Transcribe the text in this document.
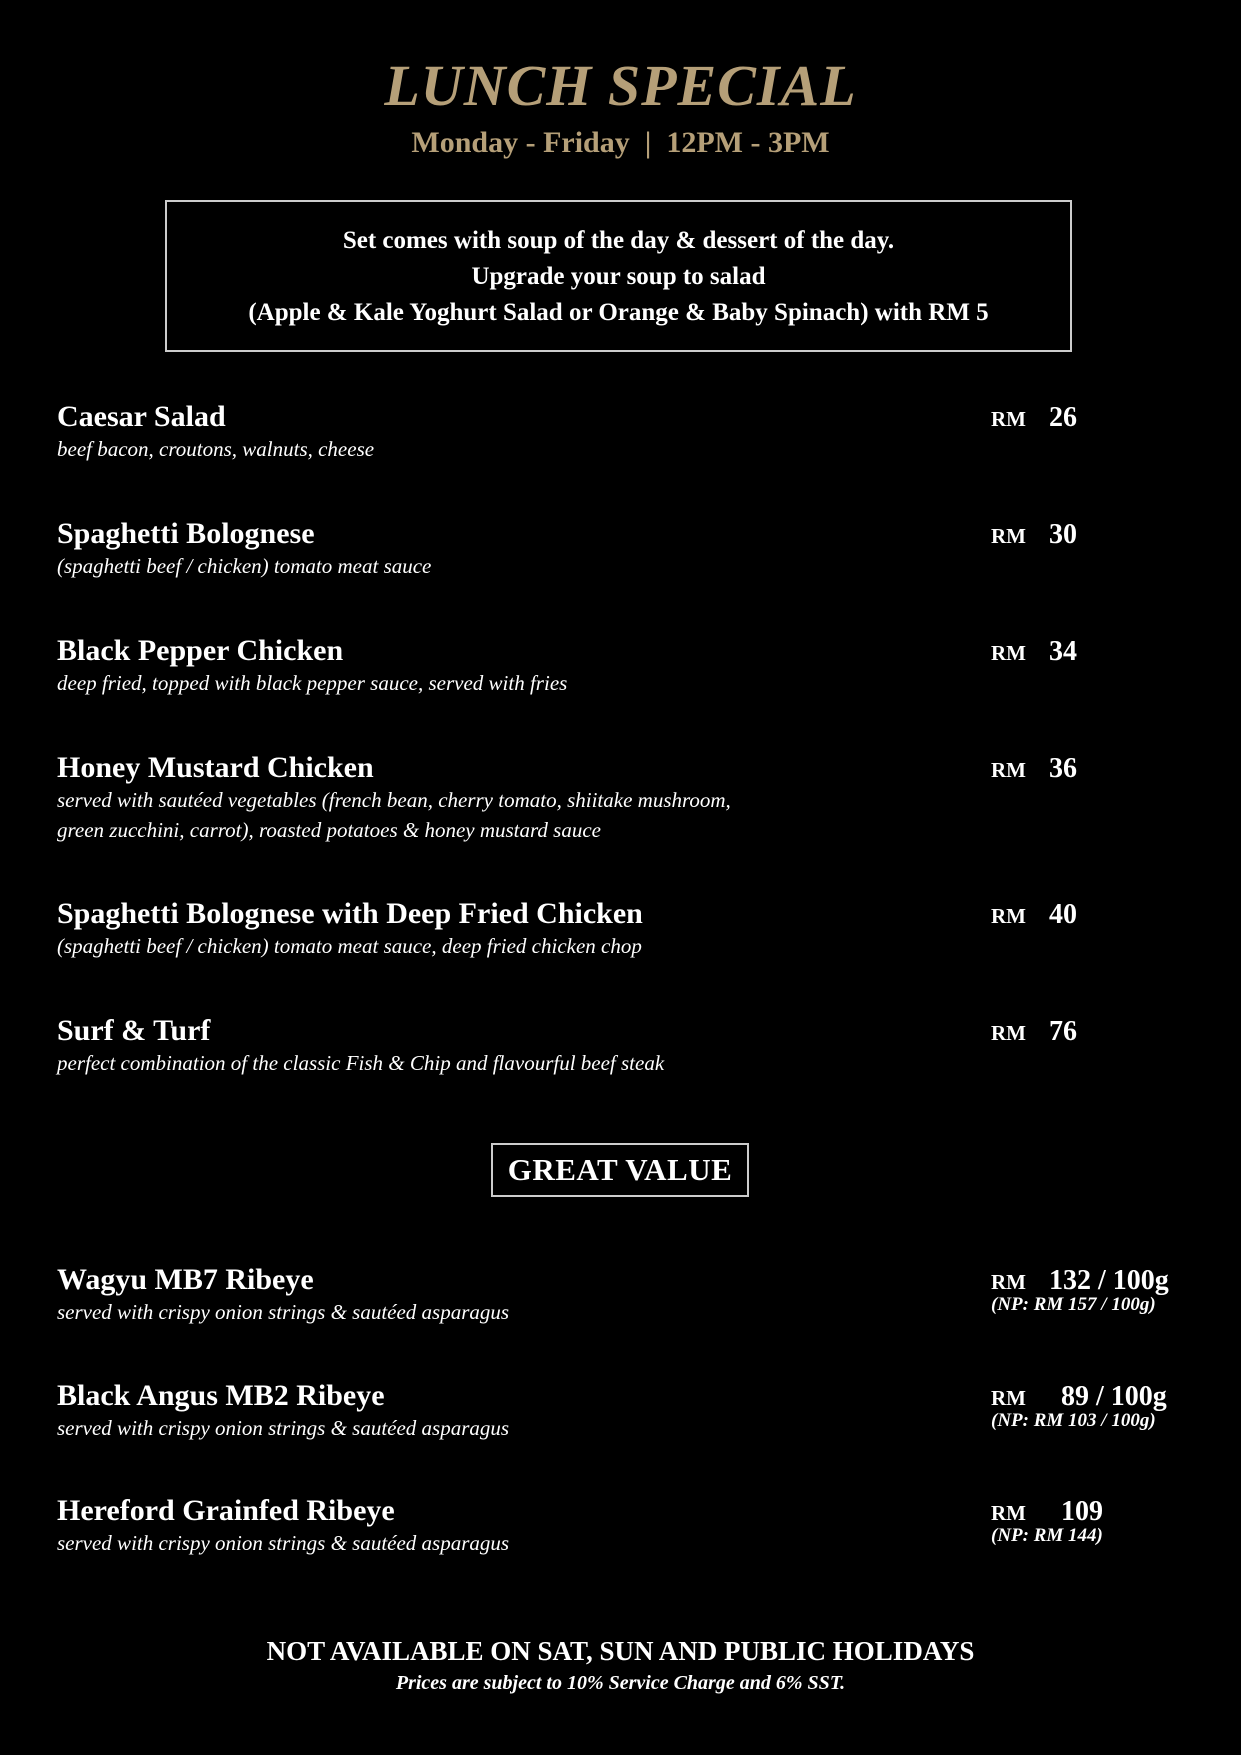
LUNCH SPECIAL
Monday - Friday  |  12PM - 3PM
Set comes with soup of the day & dessert of the day.
Upgrade your soup to salad
(Apple & Kale Yoghurt Salad or Orange & Baby Spinach) with RM 5
Caesar Salad
beef bacon, croutons, walnuts, cheese
RM 26
Spaghetti Bolognese
(spaghetti beef / chicken) tomato meat sauce
RM 30
Black Pepper Chicken
deep fried, topped with black pepper sauce, served with fries
RM 34
Honey Mustard Chicken
served with sautéed vegetables (french bean, cherry tomato, shiitake mushroom,
green zucchini, carrot), roasted potatoes & honey mustard sauce
RM 36
Spaghetti Bolognese with Deep Fried Chicken
(spaghetti beef / chicken) tomato meat sauce, deep fried chicken chop
RM 40
Surf & Turf
perfect combination of the classic Fish & Chip and flavourful beef steak
RM 76
GREAT VALUE
Wagyu MB7 Ribeye
served with crispy onion strings & sautéed asparagus
RM 132 / 100g
(NP: RM 157 / 100g)
Black Angus MB2 Ribeye
served with crispy onion strings & sautéed asparagus
RM 89 / 100g
(NP: RM 103 / 100g)
Hereford Grainfed Ribeye
served with crispy onion strings & sautéed asparagus
RM 109
(NP: RM 144)
NOT AVAILABLE ON SAT, SUN AND PUBLIC HOLIDAYS
Prices are subject to 10% Service Charge and 6% SST.
